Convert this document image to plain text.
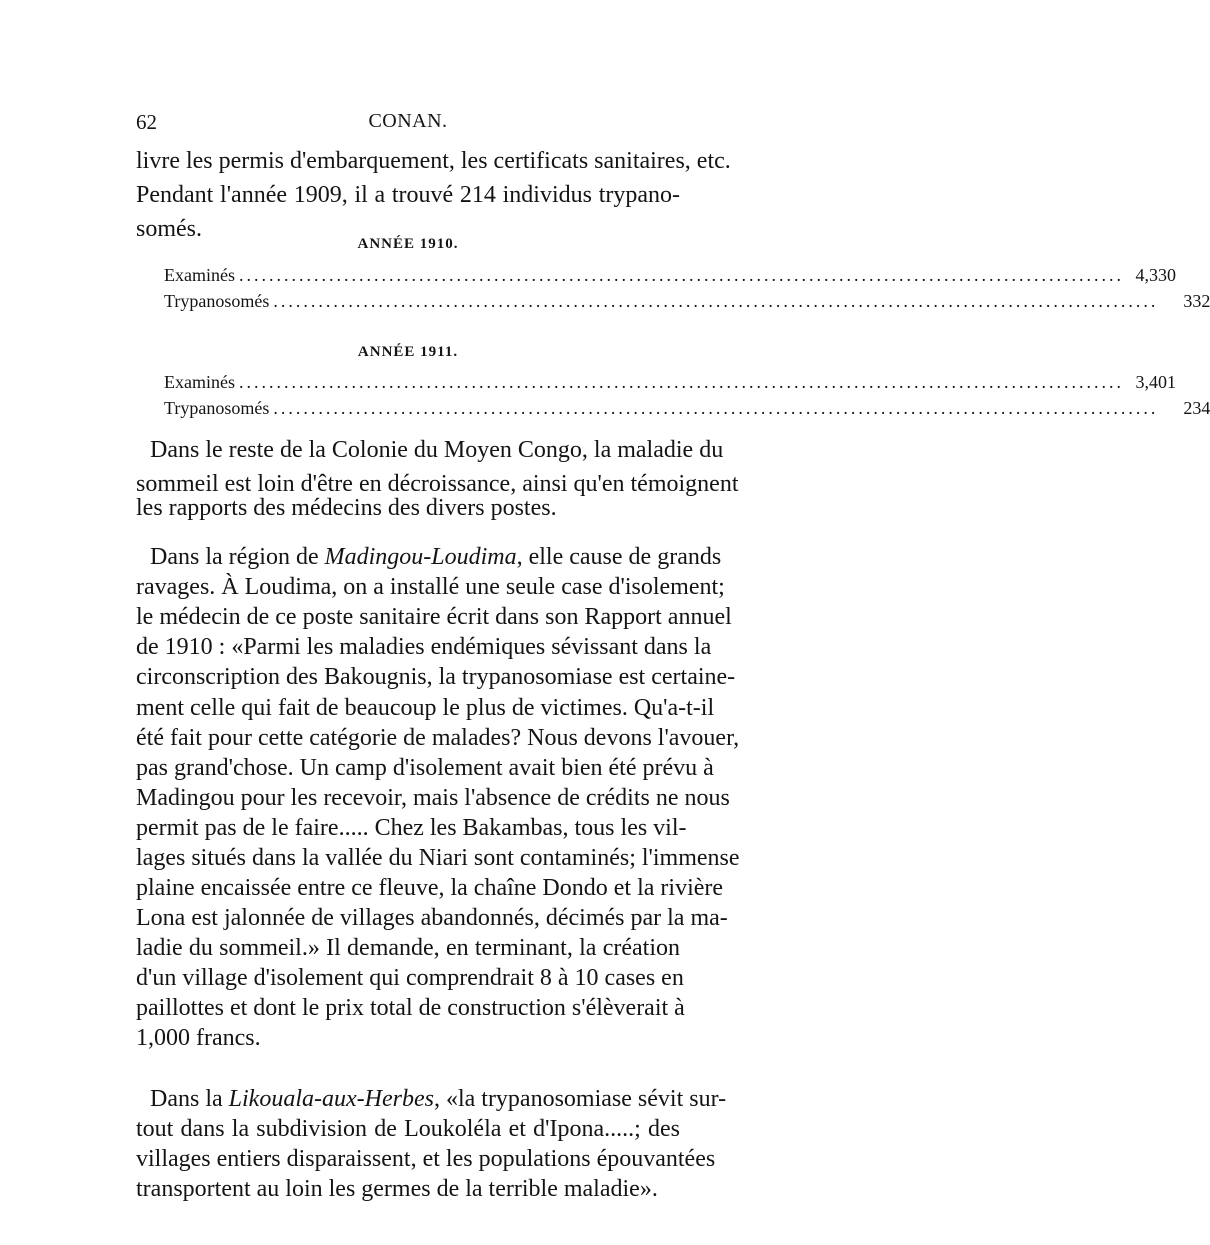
62	CONAN.
livre les permis d'embarquement, les certificats sanitaires, etc.
Pendant l'année 1909, il a trouvé 214 individus trypano-
somés.
ANNÉE 1910.
Examinés .....	4,330
Trypanosomés .....	332
ANNÉE 1911.
Examinés .....	3,401
Trypanosomés .....	234
Dans le reste de la Colonie du Moyen Congo, la maladie du
sommeil est loin d'être en décroissance, ainsi qu'en témoignent
les rapports des médecins des divers postes.
Dans la région de Madingou-Loudima, elle cause de grands
ravages. À Loudima, on a installé une seule case d'isolement;
le médecin de ce poste sanitaire écrit dans son Rapport annuel
de 1910 : «Parmi les maladies endémiques sévissant dans la
circonscription des Bakougnis, la trypanosomiase est certaine-
ment celle qui fait de beaucoup le plus de victimes. Qu'a-t-il
été fait pour cette catégorie de malades? Nous devons l'avouer,
pas grand'chose. Un camp d'isolement avait bien été prévu à
Madingou pour les recevoir, mais l'absence de crédits ne nous
permit pas de le faire..... Chez les Bakambas, tous les vil-
lages situés dans la vallée du Niari sont contaminés; l'immense
plaine encaissée entre ce fleuve, la chaîne Dondo et la rivière
Lona est jalonnée de villages abandonnés, décimés par la ma-
ladie du sommeil.» Il demande, en terminant, la création
d'un village d'isolement qui comprendrait 8 à 10 cases en
paillottes et dont le prix total de construction s'élèverait à
1,000 francs.
Dans la Likouala-aux-Herbes, «la trypanosomiase sévit sur-
tout dans la subdivision de Loukoléla et d'Ipona.....; des
villages entiers disparaissent, et les populations épouvantées
transportent au loin les germes de la terrible maladie».
